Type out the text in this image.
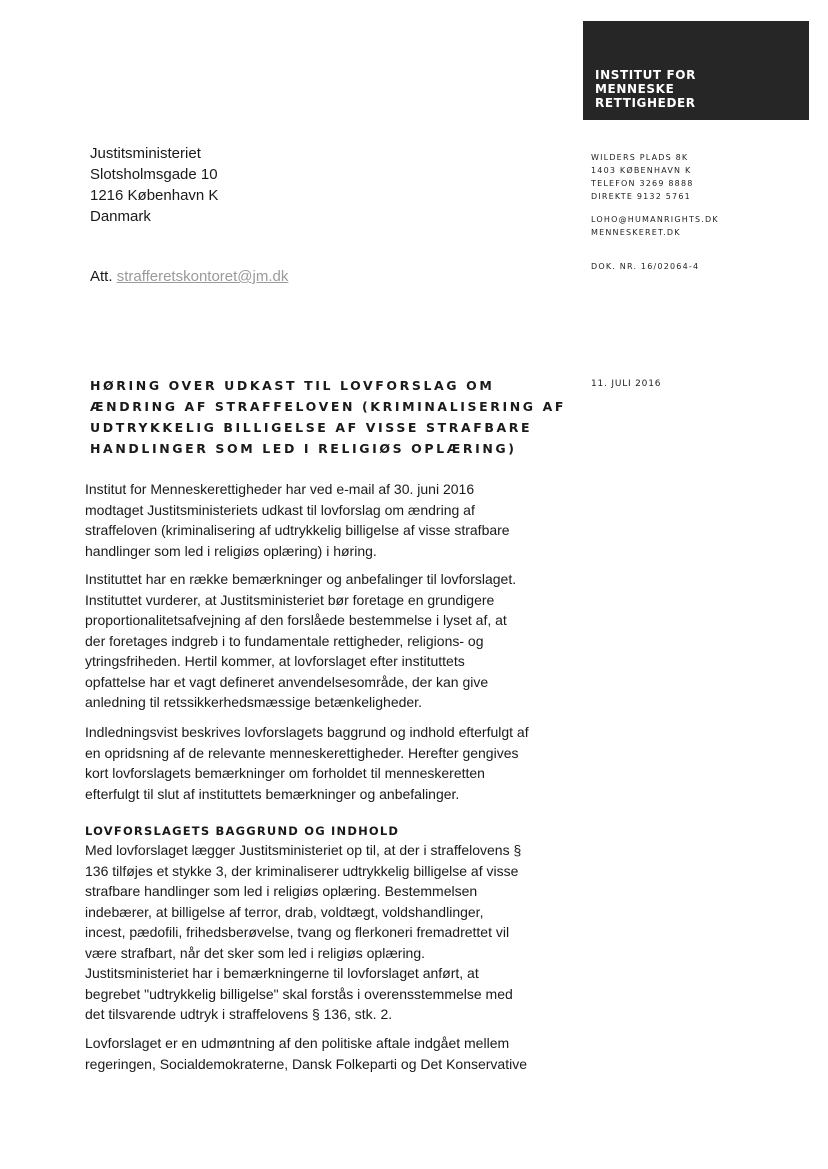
INSTITUT FOR
MENNESKE
RETTIGHEDER
WILDERS PLADS 8K
1403 KØBENHAVN K
TELEFON 3269 8888
DIREKTE 9132 5761
LOHO@HUMANRIGHTS.DK
MENNESKERET.DK
DOK. NR. 16/02064-4
11. JULI 2016
Justitsministeriet
Slotsholmsgade 10
1216 København K
Danmark
Att. strafferetskontoret@jm.dk
HØRING OVER UDKAST TIL LOVFORSLAG OM
ÆNDRING AF STRAFFELOVEN (KRIMINALISERING AF
UDTRYKKELIG BILLIGELSE AF VISSE STRAFBARE
HANDLINGER SOM LED I RELIGIØS OPLÆRING)
Institut for Menneskerettigheder har ved e-mail af 30. juni 2016
modtaget Justitsministeriets udkast til lovforslag om ændring af
straffeloven (kriminalisering af udtrykkelig billigelse af visse strafbare
handlinger som led i religiøs oplæring) i høring.
Instituttet har en række bemærkninger og anbefalinger til lovforslaget.
Instituttet vurderer, at Justitsministeriet bør foretage en grundigere
proportionalitetsafvejning af den forslåede bestemmelse i lyset af, at
der foretages indgreb i to fundamentale rettigheder, religions- og
ytringsfriheden. Hertil kommer, at lovforslaget efter instituttets
opfattelse har et vagt defineret anvendelsesområde, der kan give
anledning til retssikkerhedsmæssige betænkeligheder.
Indledningsvist beskrives lovforslagets baggrund og indhold efterfulgt af
en opridsning af de relevante menneskerettigheder. Herefter gengives
kort lovforslagets bemærkninger om forholdet til menneskeretten
efterfulgt til slut af instituttets bemærkninger og anbefalinger.
LOVFORSLAGETS BAGGRUND OG INDHOLD
Med lovforslaget lægger Justitsministeriet op til, at der i straffelovens §
136 tilføjes et stykke 3, der kriminaliserer udtrykkelig billigelse af visse
strafbare handlinger som led i religiøs oplæring. Bestemmelsen
indebærer, at billigelse af terror, drab, voldtægt, voldshandlinger,
incest, pædofili, frihedsberøvelse, tvang og flerkoneri fremadrettet vil
være strafbart, når det sker som led i religiøs oplæring.
Justitsministeriet har i bemærkningerne til lovforslaget anført, at
begrebet "udtrykkelig billigelse" skal forstås i overensstemmelse med
det tilsvarende udtryk i straffelovens § 136, stk. 2.
Lovforslaget er en udmøntning af den politiske aftale indgået mellem
regeringen, Socialdemokraterne, Dansk Folkeparti og Det Konservative
